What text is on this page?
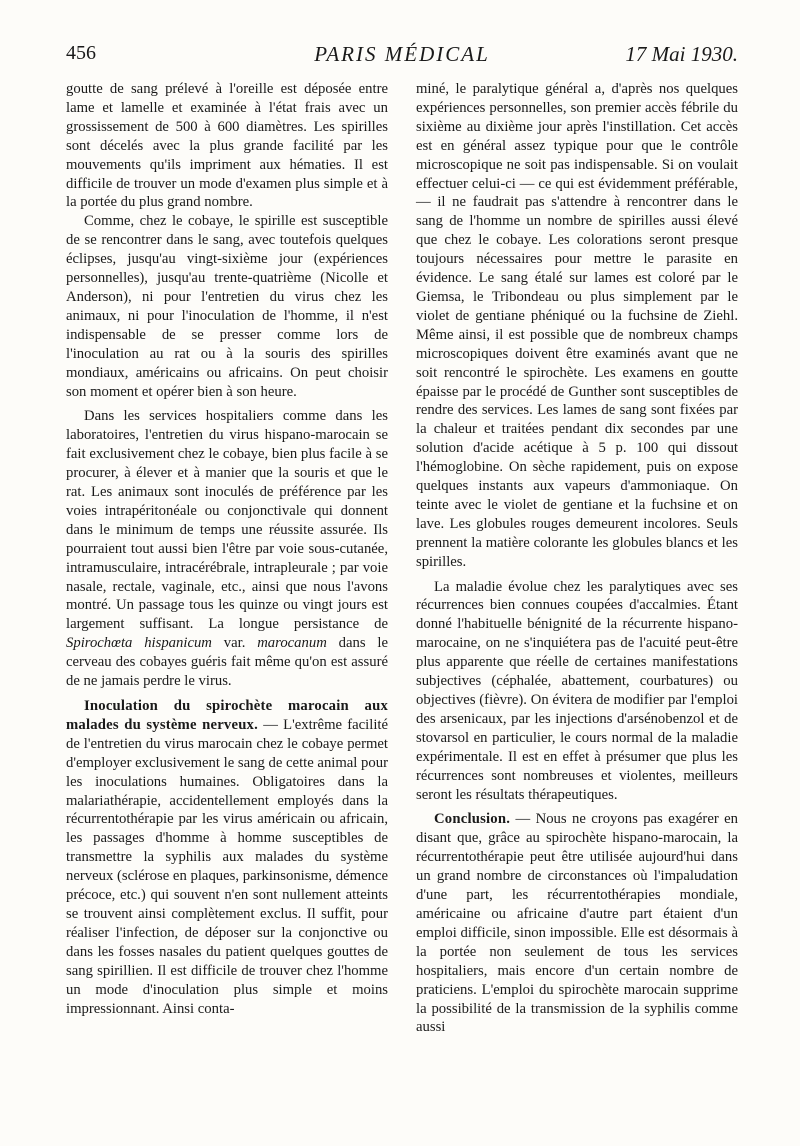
456	PARIS MÉDICAL	17 Mai 1930.

goutte de sang prélevé à l'oreille est déposée entre lame et lamelle et examinée à l'état frais avec un grossissement de 500 à 600 diamètres. Les spirilles sont décelés avec la plus grande facilité par les mouvements qu'ils impriment aux hématies. Il est difficile de trouver un mode d'examen plus simple et à la portée du plus grand nombre.

Comme, chez le cobaye, le spirille est susceptible de se rencontrer dans le sang, avec toutefois quelques éclipses, jusqu'au vingt-sixième jour (expériences personnelles), jusqu'au trente-quatrième (Nicolle et Anderson), ni pour l'entretien du virus chez les animaux, ni pour l'inoculation de l'homme, il n'est indispensable de se presser comme lors de l'inoculation au rat ou à la souris des spirilles mondiaux, américains ou africains. On peut choisir son moment et opérer bien à son heure.

Dans les services hospitaliers comme dans les laboratoires, l'entretien du virus hispano-marocain se fait exclusivement chez le cobaye, bien plus facile à se procurer, à élever et à manier que la souris et que le rat. Les animaux sont inoculés de préférence par les voies intrapéritonéale ou conjonctivale qui donnent dans le minimum de temps une réussite assurée. Ils pourraient tout aussi bien l'être par voie sous-cutanée, intramusculaire, intracérébrale, intrapleurale ; par voie nasale, rectale, vaginale, etc., ainsi que nous l'avons montré. Un passage tous les quinze ou vingt jours est largement suffisant. La longue persistance de Spirochœta hispanicum var. marocanum dans le cerveau des cobayes guéris fait même qu'on est assuré de ne jamais perdre le virus.

Inoculation du spirochète marocain aux malades du système nerveux. — L'extrême facilité de l'entretien du virus marocain chez le cobaye permet d'employer exclusivement le sang de cette animal pour les inoculations humaines. Obligatoires dans la malariathérapie, accidentellement employés dans la récurrentothérapie par les virus américain ou africain, les passages d'homme à homme susceptibles de transmettre la syphilis aux malades du système nerveux (sclérose en plaques, parkinsonisme, démence précoce, etc.) qui souvent n'en sont nullement atteints se trouvent ainsi complètement exclus. Il suffit, pour réaliser l'infection, de déposer sur la conjonctive ou dans les fosses nasales du patient quelques gouttes de sang spirillien. Il est difficile de trouver chez l'homme un mode d'inoculation plus simple et moins impressionnant. Ainsi conta-

miné, le paralytique général a, d'après nos quelques expériences personnelles, son premier accès fébrile du sixième au dixième jour après l'instillation. Cet accès est en général assez typique pour que le contrôle microscopique ne soit pas indispensable. Si on voulait effectuer celui-ci — ce qui est évidemment préférable, — il ne faudrait pas s'attendre à rencontrer dans le sang de l'homme un nombre de spirilles aussi élevé que chez le cobaye. Les colorations seront presque toujours nécessaires pour mettre le parasite en évidence. Le sang étalé sur lames est coloré par le Giemsa, le Tribondeau ou plus simplement par le violet de gentiane phéniqué ou la fuchsine de Ziehl. Même ainsi, il est possible que de nombreux champs microscopiques doivent être examinés avant que ne soit rencontré le spirochète. Les examens en goutte épaisse par le procédé de Gunther sont susceptibles de rendre des services. Les lames de sang sont fixées par la chaleur et traitées pendant dix secondes par une solution d'acide acétique à 5 p. 100 qui dissout l'hémoglobine. On sèche rapidement, puis on expose quelques instants aux vapeurs d'ammoniaque. On teinte avec le violet de gentiane et la fuchsine et on lave. Les globules rouges demeurent incolores. Seuls prennent la matière colorante les globules blancs et les spirilles.

La maladie évolue chez les paralytiques avec ses récurrences bien connues coupées d'accalmies. Étant donné l'habituelle bénignité de la récurrente hispano-marocaine, on ne s'inquiétera pas de l'acuité peut-être plus apparente que réelle de certaines manifestations subjectives (céphalée, abattement, courbatures) ou objectives (fièvre). On évitera de modifier par l'emploi des arsenicaux, par les injections d'arsénobenzol et de stovarsol en particulier, le cours normal de la maladie expérimentale. Il est en effet à présumer que plus les récurrences sont nombreuses et violentes, meilleurs seront les résultats thérapeutiques.

Conclusion. — Nous ne croyons pas exagérer en disant que, grâce au spirochète hispano-marocain, la récurrentothérapie peut être utilisée aujourd'hui dans un grand nombre de circonstances où l'impaludation d'une part, les récurrentothérapies mondiale, américaine ou africaine d'autre part étaient d'un emploi difficile, sinon impossible. Elle est désormais à la portée non seulement de tous les services hospitaliers, mais encore d'un certain nombre de praticiens. L'emploi du spirochète marocain supprime la possibilité de la transmission de la syphilis comme aussi
